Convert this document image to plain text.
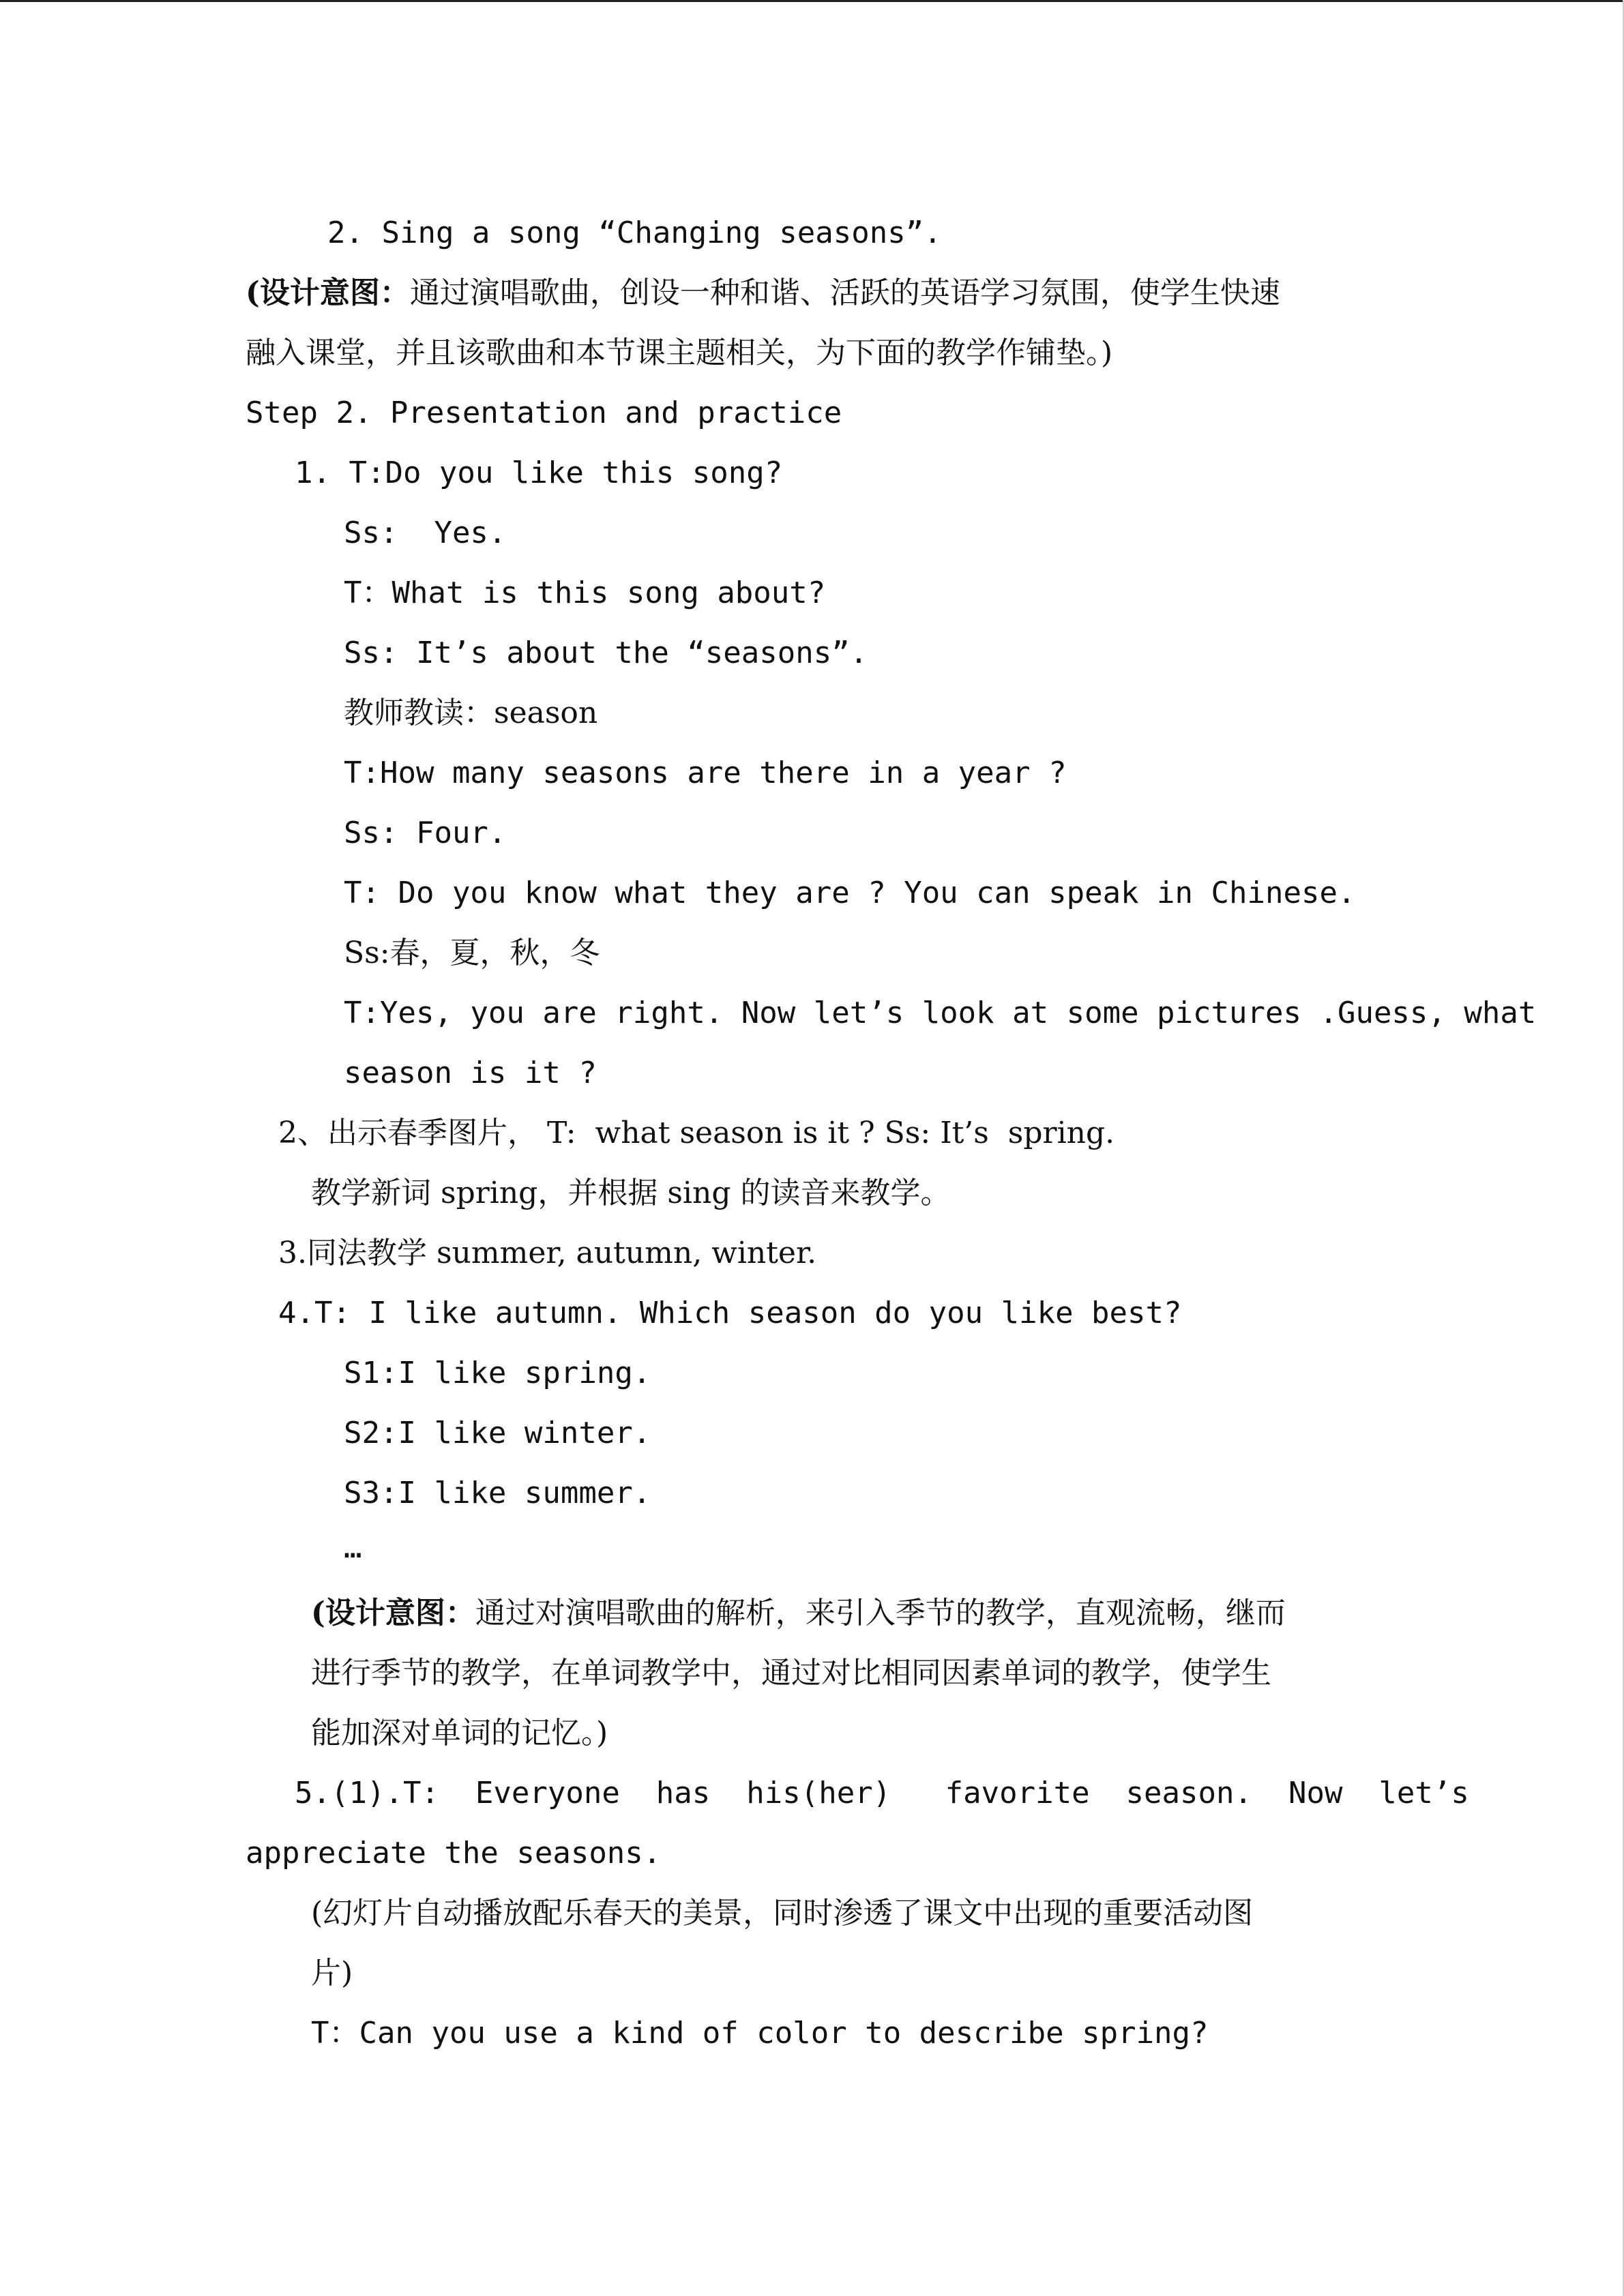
2. Sing a song “Changing seasons”.
(设计意图：通过演唱歌曲，创设一种和谐、活跃的英语学习氛围，使学生快速
融入课堂，并且该歌曲和本节课主题相关，为下面的教学作铺垫。)
Step 2. Presentation and practice
1. T:Do you like this song?
Ss:  Yes.
T：What is this song about?
Ss: It’s about the “seasons”.
教师教读：season
T:How many seasons are there in a year ?
Ss: Four.
T: Do you know what they are ? You can speak in Chinese.
Ss:春，夏，秋，冬
T:Yes, you are right. Now let’s look at some pictures .Guess, what
season is it ?
2、出示春季图片， T:  what season is it ? Ss: It’s  spring.
教学新词 spring，并根据 sing 的读音来教学。
3.同法教学 summer, autumn, winter.
4.T: I like autumn. Which season do you like best?
S1:I like spring.
S2:I like winter.
S3:I like summer.
…
(设计意图：通过对演唱歌曲的解析，来引入季节的教学，直观流畅，继而
进行季节的教学，在单词教学中，通过对比相同因素单词的教学，使学生
能加深对单词的记忆。)
5.(1).T:  Everyone  has  his(her)   favorite  season.  Now  let’s
appreciate the seasons.
(幻灯片自动播放配乐春天的美景，同时渗透了课文中出现的重要活动图
片)
T：Can you use a kind of color to describe spring?
